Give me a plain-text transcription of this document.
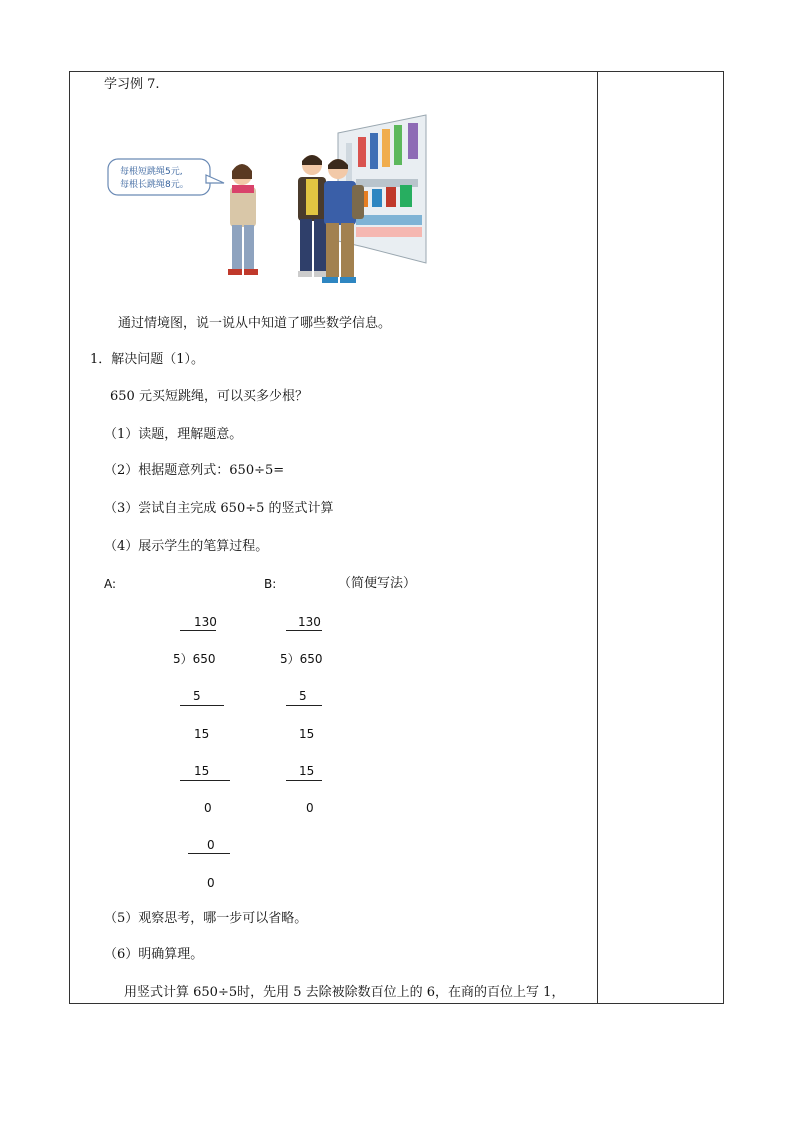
学习例 7.
每根短跳绳5元,
每根长跳绳8元。
通过情境图，说一说从中知道了哪些数学信息。
1．解决问题（1）。
650 元买短跳绳，可以买多少根？
（1）读题，理解题意。
（2）根据题意列式：650÷5=
（3）尝试自主完成 650÷5 的竖式计算
（4）展示学生的笔算过程。
A:	B:	（简便写法）
130
5）650
5
15
15
0
0
0
130
5）650
5
15
15
0
（5）观察思考，哪一步可以省略。
（6）明确算理。
用竖式计算 650÷5时，先用 5 去除被除数百位上的 6，在商的百位上写 1，
